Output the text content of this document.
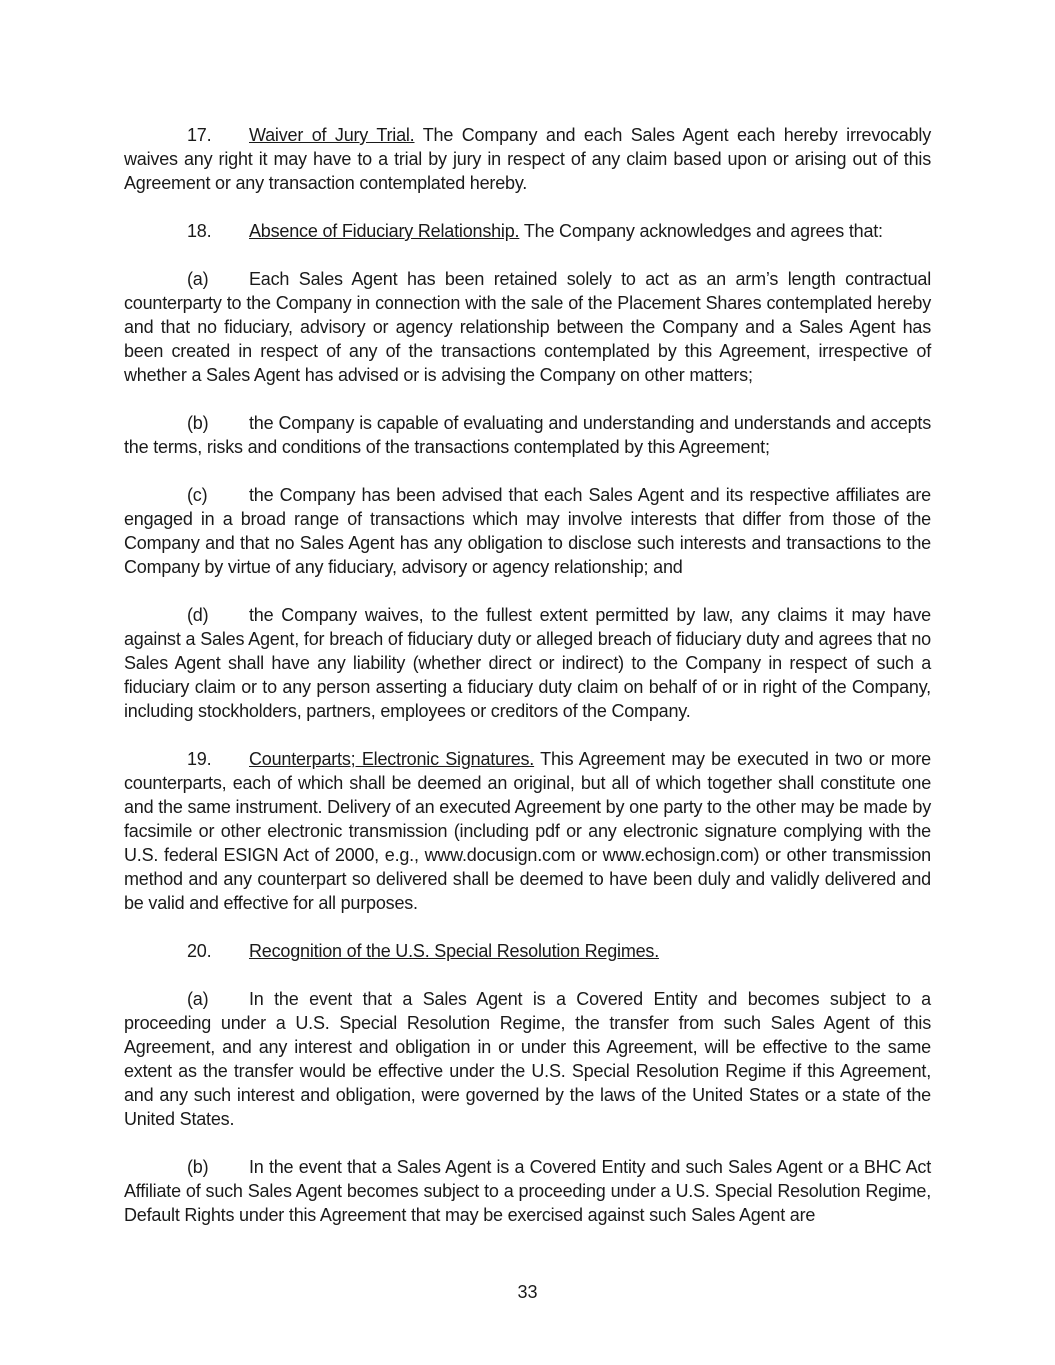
17. Waiver of Jury Trial. The Company and each Sales Agent each hereby irrevocably waives any right it may have to a trial by jury in respect of any claim based upon or arising out of this Agreement or any transaction contemplated hereby.

18. Absence of Fiduciary Relationship. The Company acknowledges and agrees that:

(a) Each Sales Agent has been retained solely to act as an arm’s length contractual counterparty to the Company in connection with the sale of the Placement Shares contemplated hereby and that no fiduciary, advisory or agency relationship between the Company and a Sales Agent has been created in respect of any of the transactions contemplated by this Agreement, irrespective of whether a Sales Agent has advised or is advising the Company on other matters;

(b) the Company is capable of evaluating and understanding and understands and accepts the terms, risks and conditions of the transactions contemplated by this Agreement;

(c) the Company has been advised that each Sales Agent and its respective affiliates are engaged in a broad range of transactions which may involve interests that differ from those of the Company and that no Sales Agent has any obligation to disclose such interests and transactions to the Company by virtue of any fiduciary, advisory or agency relationship; and

(d) the Company waives, to the fullest extent permitted by law, any claims it may have against a Sales Agent, for breach of fiduciary duty or alleged breach of fiduciary duty and agrees that no Sales Agent shall have any liability (whether direct or indirect) to the Company in respect of such a fiduciary claim or to any person asserting a fiduciary duty claim on behalf of or in right of the Company, including stockholders, partners, employees or creditors of the Company.

19. Counterparts; Electronic Signatures. This Agreement may be executed in two or more counterparts, each of which shall be deemed an original, but all of which together shall constitute one and the same instrument. Delivery of an executed Agreement by one party to the other may be made by facsimile or other electronic transmission (including pdf or any electronic signature complying with the U.S. federal ESIGN Act of 2000, e.g., www.docusign.com or www.echosign.com) or other transmission method and any counterpart so delivered shall be deemed to have been duly and validly delivered and be valid and effective for all purposes.

20. Recognition of the U.S. Special Resolution Regimes.

(a) In the event that a Sales Agent is a Covered Entity and becomes subject to a proceeding under a U.S. Special Resolution Regime, the transfer from such Sales Agent of this Agreement, and any interest and obligation in or under this Agreement, will be effective to the same extent as the transfer would be effective under the U.S. Special Resolution Regime if this Agreement, and any such interest and obligation, were governed by the laws of the United States or a state of the United States.

(b) In the event that a Sales Agent is a Covered Entity and such Sales Agent or a BHC Act Affiliate of such Sales Agent becomes subject to a proceeding under a U.S. Special Resolution Regime, Default Rights under this Agreement that may be exercised against such Sales Agent are

33
